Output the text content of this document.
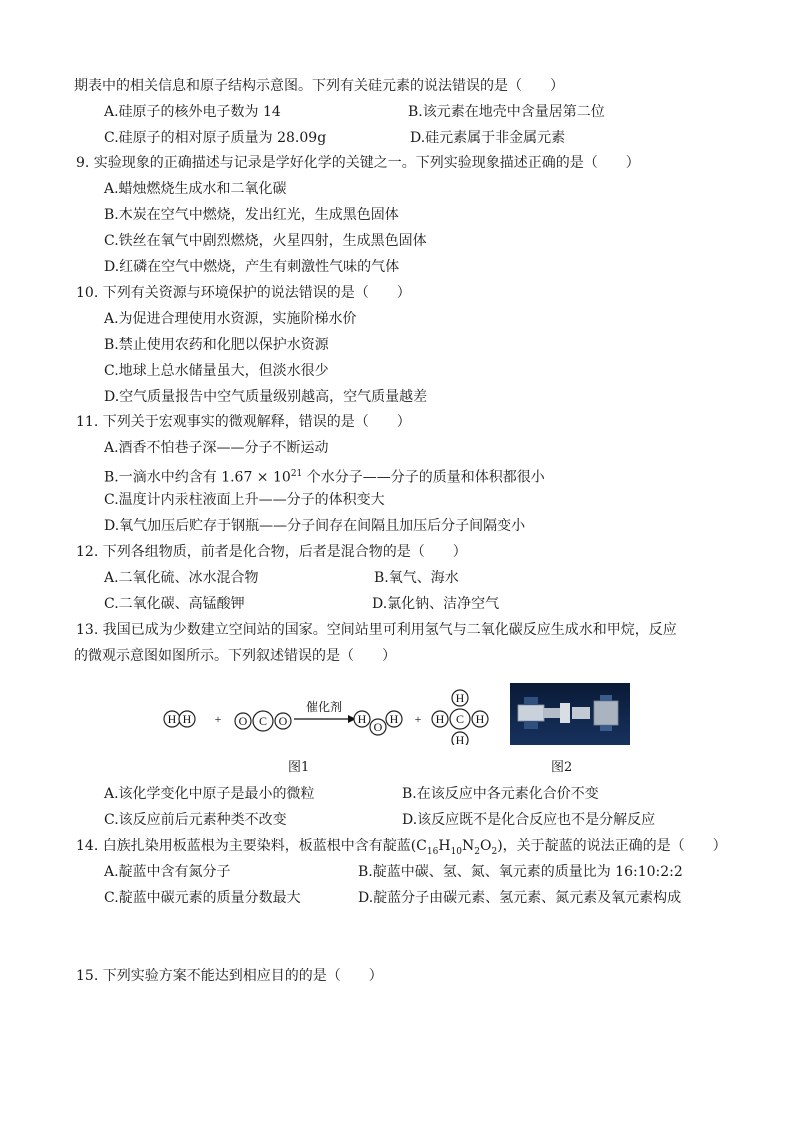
期表中的相关信息和原子结构示意图。下列有关硅元素的说法错误的是（　　）
A.硅原子的核外电子数为 14	B.该元素在地壳中含量居第二位
C.硅原子的相对原子质量为 28.09g	D.硅元素属于非金属元素
9. 实验现象的正确描述与记录是学好化学的关键之一。下列实验现象描述正确的是（　　）
A.蜡烛燃烧生成水和二氧化碳
B.木炭在空气中燃烧，发出红光，生成黑色固体
C.铁丝在氧气中剧烈燃烧，火星四射，生成黑色固体
D.红磷在空气中燃烧，产生有刺激性气味的气体
10. 下列有关资源与环境保护的说法错误的是（　　）
A.为促进合理使用水资源，实施阶梯水价
B.禁止使用农药和化肥以保护水资源
C.地球上总水储量虽大，但淡水很少
D.空气质量报告中空气质量级别越高，空气质量越差
11. 下列关于宏观事实的微观解释，错误的是（　　）
A.酒香不怕巷子深——分子不断运动
B.一滴水中约含有 $1.67 \times 10^{21}$ 个水分子——分子的质量和体积都很小
C.温度计内汞柱液面上升——分子的体积变大
D.氧气加压后贮存于钢瓶——分子间存在间隔且加压后分子间隔变小
12. 下列各组物质，前者是化合物，后者是混合物的是（　　）
A.二氧化硫、冰水混合物	B.氧气、海水
C.二氧化碳、高锰酸钾	D.氯化钠、洁净空气
13. 我国已成为少数建立空间站的国家。空间站里可利用氢气与二氧化碳反应生成水和甲烷，反应
的微观示意图如图所示。下列叙述错误的是（　　）
H H + O C O
催化剂
H
O
H +	C
H
H
H	H
图1	图2
A.该化学变化中原子是最小的微粒	B.在该反应中各元素化合价不变
C.该反应前后元素种类不改变	D.该反应既不是化合反应也不是分解反应
14. 白族扎染用板蓝根为主要染料，板蓝根中含有靛蓝$(C_{16}H_{10}N_2O_2)$，关于靛蓝的说法正确的是（　　）
A.靛蓝中含有氮分子	B.靛蓝中碳、氢、氮、氧元素的质量比为 16:10:2:2
C.靛蓝中碳元素的质量分数最大	D.靛蓝分子由碳元素、氢元素、氮元素及氧元素构成
15. 下列实验方案不能达到相应目的的是（　　）
